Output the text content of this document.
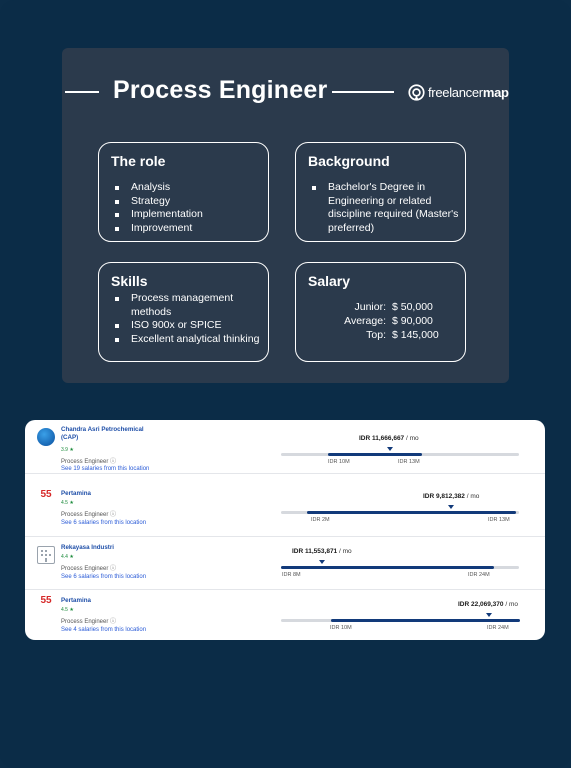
Process Engineer	freelancermap
The role
Analysis
Strategy
Implementation
Improvement
Background
Bachelor's Degree in Engineering or related discipline required (Master's preferred)
Skills
Process management methods
ISO 900x or SPICE
Excellent analytical thinking
Salary
Junior: $ 50,000
Average: $ 90,000
Top: $ 145,000
Chandra Asri Petrochemical (CAP)
3.9 ★
Process Engineer ⓘ
See 19 salaries from this location
IDR 11,666,667 / mo
IDR 10M	IDR 13M
55	Pertamina
4.5 ★
Process Engineer ⓘ
See 6 salaries from this location
IDR 9,812,382 / mo
IDR 2M	IDR 13M
Rekayasa Industri
4.4 ★
Process Engineer ⓘ
See 6 salaries from this location
IDR 11,553,871 / mo
IDR 8M	IDR 24M
55	Pertamina
4.5 ★
Process Engineer ⓘ
See 4 salaries from this location
IDR 22,069,370 / mo
IDR 10M	IDR 24M
